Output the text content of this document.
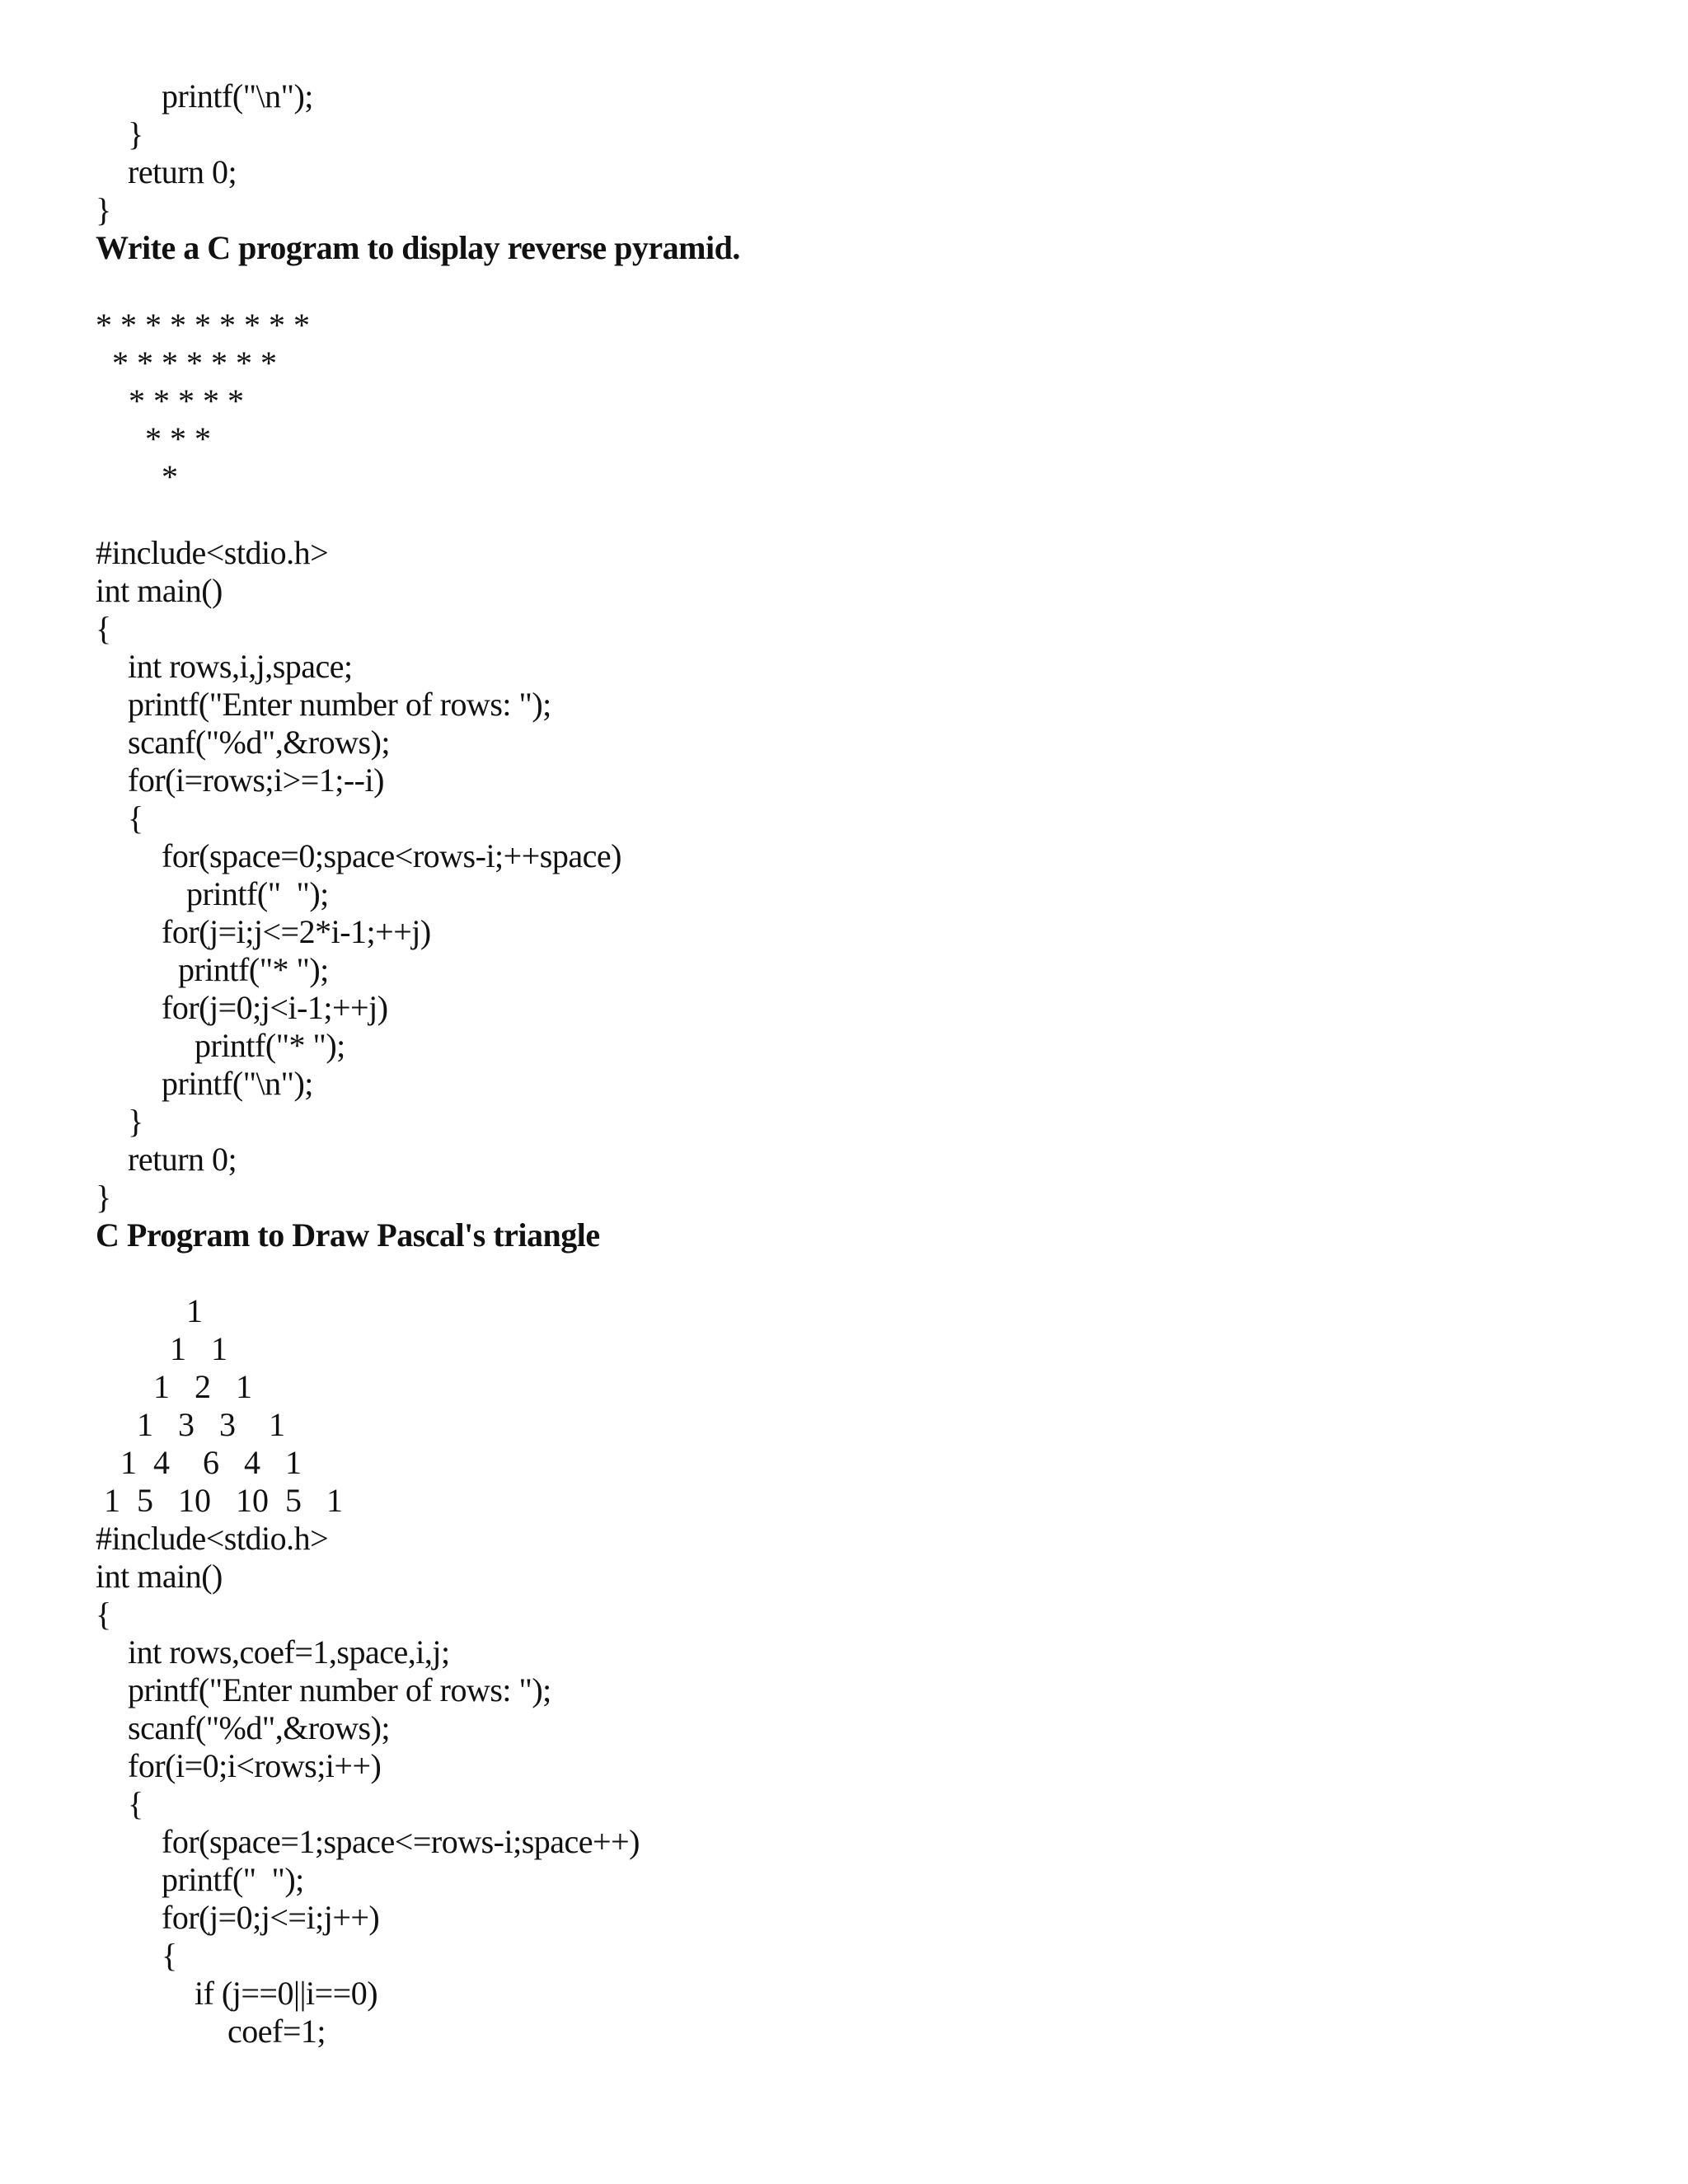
printf("\n");
}
return 0;
}
Write a C program to display reverse pyramid.
* * * * * * * * *
* * * * * * *
* * * * *
* * *
*
#include<stdio.h>
int main()
{
int rows,i,j,space;
printf("Enter number of rows: ");
scanf("%d",&rows);
for(i=rows;i>=1;--i)
{
for(space=0;space<rows-i;++space)
printf("  ");
for(j=i;j<=2*i-1;++j)
printf("* ");
for(j=0;j<i-1;++j)
printf("* ");
printf("\n");
}
return 0;
}
C Program to Draw Pascal's triangle
1
1   1
1   2   1
1   3   3    1
1  4    6   4   1
1  5   10   10  5   1
#include<stdio.h>
int main()
{
int rows,coef=1,space,i,j;
printf("Enter number of rows: ");
scanf("%d",&rows);
for(i=0;i<rows;i++)
{
for(space=1;space<=rows-i;space++)
printf("  ");
for(j=0;j<=i;j++)
{
if (j==0||i==0)
coef=1;
